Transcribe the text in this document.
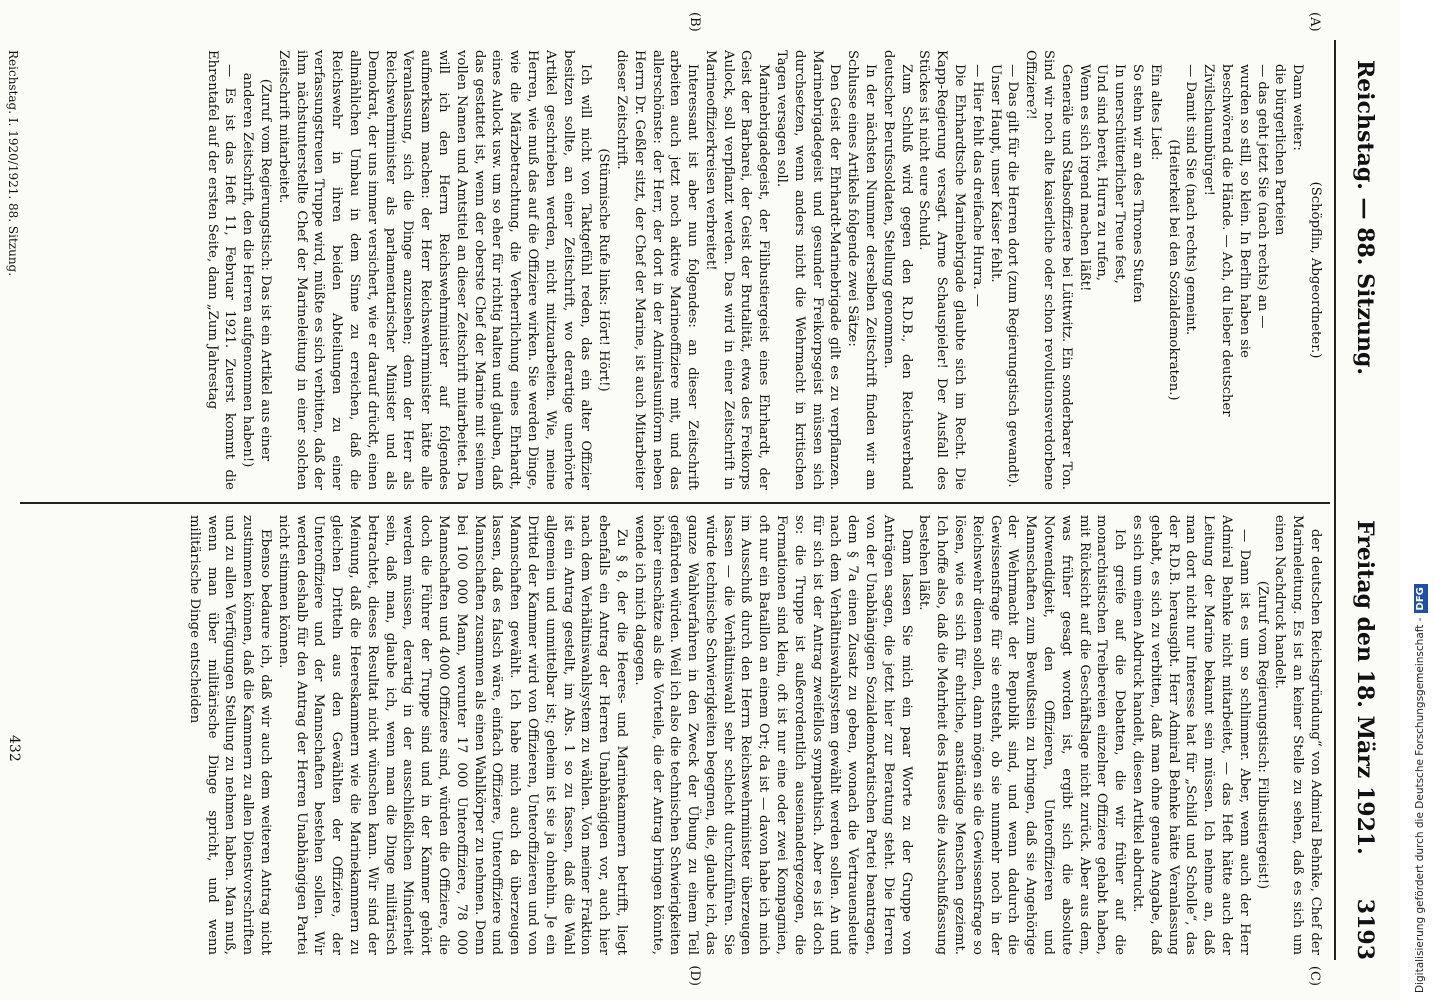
Reichstag. — 88. Sitzung.
Freitag den 18. März 1921.
3193
(A)
(B)
(C)
(D)

(Schöpflin, Abgeordneter.)

Dann weiter:

die bürgerlichen Parteien

— das geht jetzt Sie (nach rechts) an —

wurden so still, so klein. In Berlin haben sie

beschwörend die Hände. — Ach, du lieber deutscher

Zivilschaumbürger!

— Damit sind Sie (nach rechts) gemeint.

(Heiterkeit bei den Sozialdemokraten.)

Ein altes Lied:

So stehn wir an des Thrones Stufen

In unerschütterlicher Treue fest,

Und sind bereit, Hurra zu rufen,

Wenn es sich irgend machen läßt!

Generäle und Stabsoffiziere bei Lüttwitz. Ein sonderbarer Ton. Sind wir noch alte kaiserliche oder schon revolutionsverdorbene Offiziere?!

— Das gilt für die Herren dort (zum Regierungstisch gewandt).

Unser Haupt, unser Kaiser fehlt.

— Hier fehlt das dreifache Hurra. —

Die Ehrhardtsche Marinebrigade glaubte sich im Recht. Die Kapp-Regierung versagt. Arme Schauspieler! Der Ausfall des Stückes ist nicht eure Schuld.

Zum Schluß wird gegen den R.D.B., den Reichsverband deutscher Berufssoldaten, Stellung genommen.

In der nächsten Nummer derselben Zeitschrift finden wir am Schlusse eines Artikels folgende zwei Sätze:

Den Geist der Ehrhardt-Marinebrigade gilt es zu verpflanzen. Marinebrigadegeist und gesunder Freikorpsgeist müssen sich durchsetzen, wenn anders nicht die Wehrmacht in kritischen Tagen versagen soll.

Marinebrigadegeist, der Filibustiergeist eines Ehrhardt, der Geist der Barbarei, der Geist der Brutalität, etwa des Freikorps Aulock, soll verpflanzt werden. Das wird in einer Zeitschrift in Marineoffizierkreisen verbreitet!

Interessant ist aber nun folgendes: an dieser Zeitschrift arbeiten auch jetzt noch aktive Marineoffiziere mit, und das allerschönste: der Herr, der dort in der Admiralsuniform neben Herrn Dr. Geßler sitzt, der Chef der Marine, ist auch Mitarbeiter dieser Zeitschrift.

(Stürmische Rufe links: Hört! Hört!)

Ich will nicht von Taktgefühl reden, das ein alter Offizier besitzen sollte, an einer Zeitschrift, wo derartige unerhörte Artikel geschrieben werden, nicht mitzuarbeiten. Wie, meine Herren, wie muß das auf die Offiziere wirken. Sie werden Dinge, wie die Märzbetrachtung, die Verherrlichung eines Ehrhardt, eines Aulock usw. um so eher für richtig halten und glauben, daß das gestattet ist, wenn der oberste Chef der Marine mit seinem vollen Namen und Amtstitel an dieser Zeitschrift mitarbeitet. Da will ich den Herrn Reichswehrminister auf folgendes aufmerksam machen: der Herr Reichswehrminister hätte alle Veranlassung, sich die Dinge anzusehen; denn der Herr als Reichswehrminister als parlamentarischer Minister und als Demokrat, der uns immer versichert, wie er darauf drückt, einen allmählichen Umbau in dem Sinne zu erreichen, daß die Reichswehr in ihren beiden Abteilungen zu einer verfassungstreuen Truppe wird, müßte es sich verbitten, daß der ihm nächstunterstellte Chef der Marineleitung in einer solchen Zeitschrift mitarbeitet.

(Zuruf vom Regierungstisch: Das ist ein Artikel aus einer anderen Zeitschrift, den die Herren aufgenommen haben!)

— Es ist das Heft 11, Februar 1921. Zuerst kommt die Ehrentafel auf der ersten Seite, dann „Zum Jahrestag

der deutschen Reichsgründung“ von Admiral Behnke, Chef der Marineleitung. Es ist an keiner Stelle zu sehen, daß es sich um einen Nachdruck handelt.

(Zuruf vom Regierungstisch: Filibustiergeist!)

— Dann ist es um so schlimmer. Aber, wenn auch der Herr Admiral Behnke nicht mitarbeitet, — das Heft hätte auch der Leitung der Marine bekannt sein müssen. Ich nehme an, daß man dort nicht nur Interesse hat für „Schild und Scholle“, das der R.D.B. herausgibt. Herr Admiral Behnke hätte Veranlassung gehabt, es sich zu verbitten, daß man ohne genaue Angabe, daß es sich um einen Abdruck handelt, diesen Artikel abdruckt.

Ich greife auf die Debatten, die wir früher auf die monarchistischen Treibereien einzelner Offiziere gehabt haben, mit Rücksicht auf die Geschäftslage nicht zurück. Aber aus dem, was früher gesagt worden ist, ergibt sich die absolute Notwendigkeit, den Offizieren, Unteroffizieren und Mannschaften zum Bewußtsein zu bringen, daß sie Angehörige der Wehrmacht der Republik sind, und wenn dadurch die Gewissensfrage für sie entsteht, ob sie nunmehr noch in der Reichswehr dienen sollen, dann mögen sie die Gewissensfrage so lösen, wie es sich für ehrliche, anständige Menschen geziemt. Ich hoffe also, daß die Mehrheit des Hauses die Ausschußfassung bestehen läßt.

Dann lassen Sie mich ein paar Worte zu der Gruppe von Anträgen sagen, die jetzt hier zur Beratung steht. Die Herren von der Unabhängigen Sozialdemokratischen Partei beantragen, dem § 7a einen Zusatz zu geben, wonach die Vertrauensleute nach dem Verhältniswahlsystem gewählt werden sollen. An und für sich ist der Antrag zweifellos sympathisch. Aber es ist doch so: die Truppe ist außerordentlich auseinandergezogen, die Formationen sind klein, oft ist nur eine oder zwei Kompagnien, oft nur ein Bataillon an einem Ort; da ist — davon habe ich mich im Ausschuß durch den Herrn Reichswehrminister überzeugen lassen — die Verhältniswahl sehr schlecht durchzuführen. Sie würde technische Schwierigkeiten begegnen, die, glaube ich, das ganze Wahlverfahren in den Zweck der Übung zu einem Teil gefährden würden. Weil ich also die technischen Schwierigkeiten höher einschätze als die Vorteile, die der Antrag bringen könnte, wende ich mich dagegen.

Zu § 8, der die Heeres- und Marinekammern betrifft, liegt ebenfalls ein Antrag der Herren Unabhängigen vor, auch hier nach dem Verhältniswahlsystem zu wählen. Von meiner Fraktion ist ein Antrag gestellt, im Abs. 1 so zu fassen, daß die Wahl allgemein und unmittelbar ist; geheim ist sie ja ohnehin. Je ein Drittel der Kammer wird von Offizieren, Unteroffizieren und von Mannschaften gewählt. Ich habe mich auch da überzeugen lassen, daß es falsch wäre, einfach Offiziere, Unteroffiziere und Mannschaften zusammen als einen Wahlkörper zu nehmen. Denn bei 100 000 Mann, worunter 17 000 Unteroffiziere, 78 000 Mannschaften und 4000 Offiziere sind, würden die Offiziere, die doch die Führer der Truppe sind und in der Kammer gehört werden müssen, derartig in der ausschließlichen Minderheit sein, daß man, glaube ich, wenn man die Dinge militärisch betrachtet, dieses Resultat nicht wünschen kann. Wir sind der Meinung, daß die Heereskammern wie die Marinekammern zu gleichen Dritteln aus den Gewählten der Offiziere, der Unteroffiziere und der Mannschaften bestehen sollen. Wir werden deshalb für den Antrag der Herren Unabhängigen Partei nicht stimmen können.

Ebenso bedaure ich, daß wir auch dem weiteren Antrag nicht zustimmen können, daß die Kammern zu allen Dienstvorschriften und zu allen Verfügungen Stellung zu nehmen haben. Man muß, wenn man über militärische Dinge spricht, und wenn militärische Dinge entscheiden

Reichstag. I. 1920/1921. 88. Sitzung.
432	Digitalisierung gefördert durch die Deutsche Forschungsgemeinschaft -DFG
